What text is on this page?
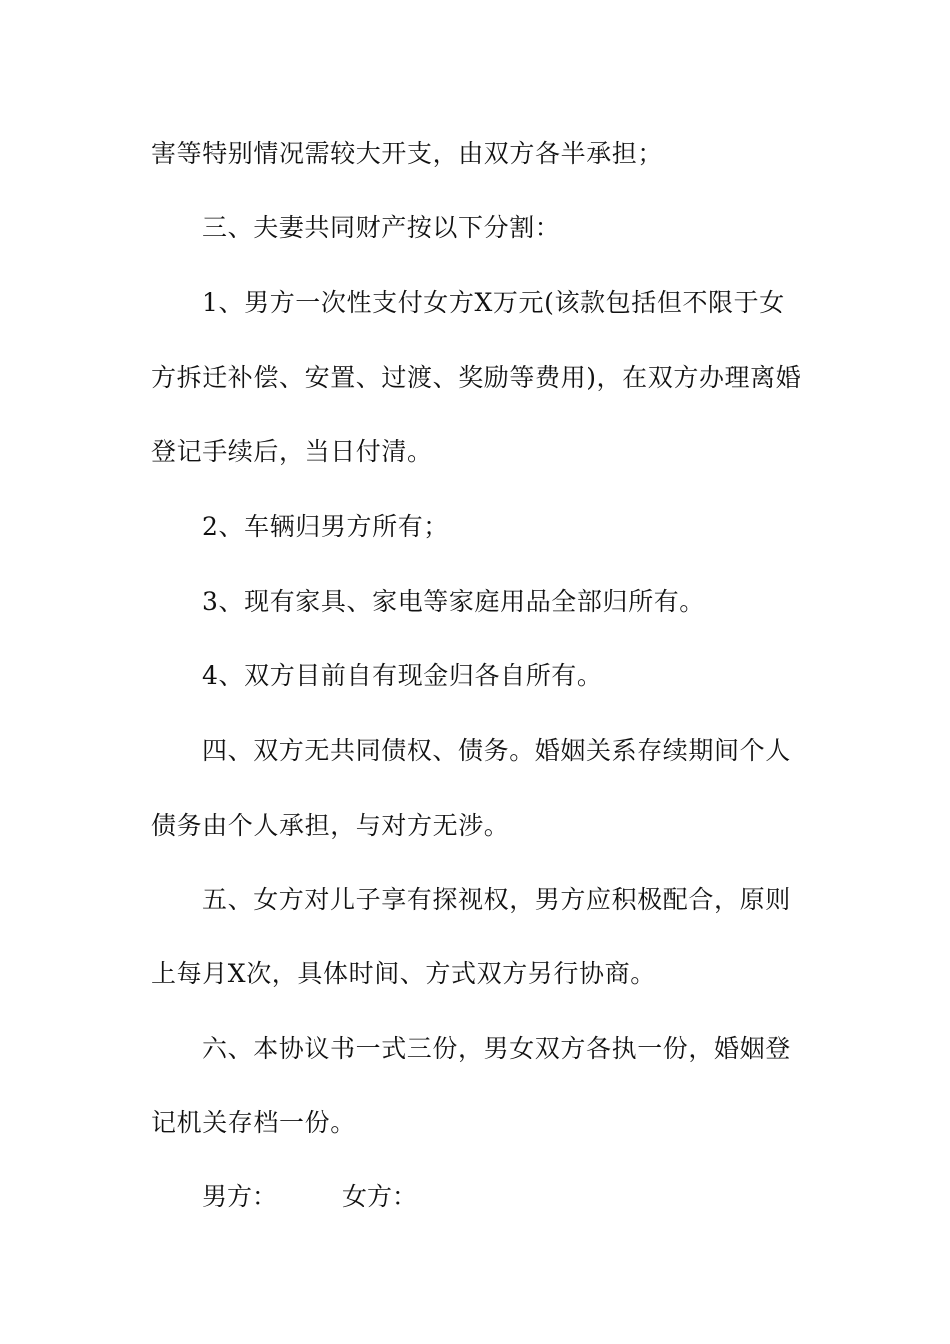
害等特别情况需较大开支，由双方各半承担；
三、夫妻共同财产按以下分割：
1、男方一次性支付女方X万元(该款包括但不限于女
方拆迁补偿、安置、过渡、奖励等费用)，在双方办理离婚
登记手续后，当日付清。
2、车辆归男方所有；
3、现有家具、家电等家庭用品全部归所有。
4、双方目前自有现金归各自所有。
四、双方无共同债权、债务。婚姻关系存续期间个人
债务由个人承担，与对方无涉。
五、女方对儿子享有探视权，男方应积极配合，原则
上每月X次，具体时间、方式双方另行协商。
六、本协议书一式三份，男女双方各执一份，婚姻登
记机关存档一份。
男方：	女方：
